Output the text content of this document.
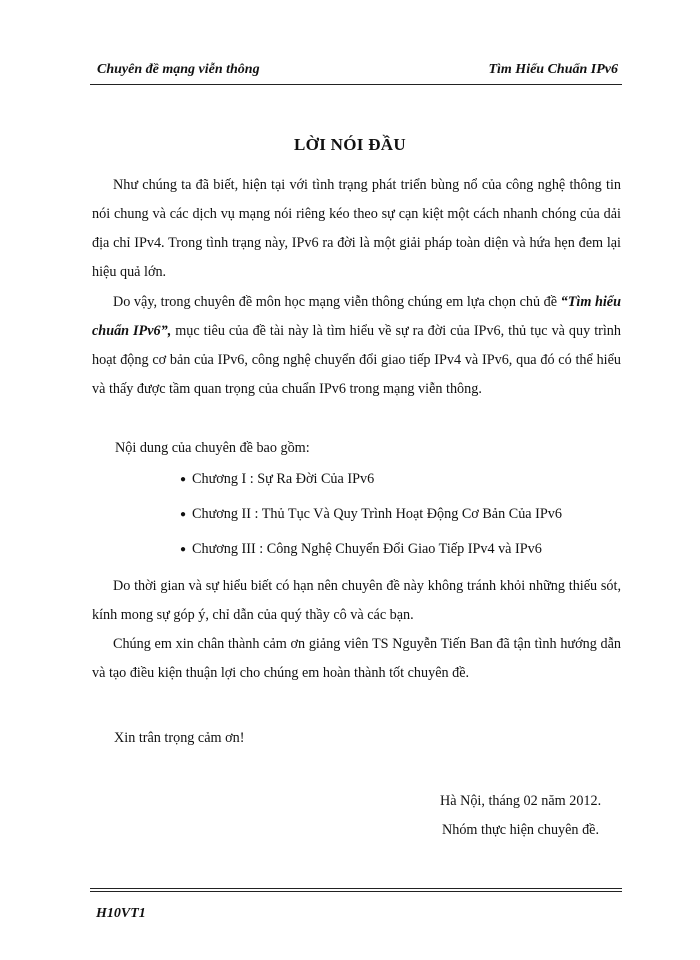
Chuyên đề mạng viễn thông	Tìm Hiểu Chuẩn IPv6
LỜI NÓI ĐẦU
Như chúng ta đã biết, hiện tại với tình trạng phát triển bùng nổ của công nghệ thông tin nói chung và các dịch vụ mạng nói riêng kéo theo sự cạn kiệt một cách nhanh chóng của dải địa chỉ IPv4. Trong tình trạng này, IPv6 ra đời là một giải pháp toàn diện và hứa hẹn đem lại hiệu quả lớn.
Do vậy, trong chuyên đề môn học mạng viễn thông chúng em lựa chọn chủ đề “Tìm hiểu chuẩn IPv6”, mục tiêu của đề tài này là tìm hiểu về sự ra đời của IPv6, thủ tục và quy trình hoạt động cơ bản của IPv6, công nghệ chuyển đổi giao tiếp IPv4 và IPv6, qua đó có thể hiểu và thấy được tầm quan trọng của chuẩn IPv6 trong mạng viễn thông.
Nội dung của chuyên đề bao gồm:
● Chương I : Sự Ra Đời Của IPv6
● Chương II : Thủ Tục Và Quy Trình Hoạt Động Cơ Bản Của IPv6
● Chương III : Công Nghệ Chuyển Đổi Giao Tiếp IPv4 và IPv6
Do thời gian và sự hiểu biết có hạn nên chuyên đề này không tránh khỏi những thiếu sót, kính mong sự góp ý, chỉ dẫn của quý thầy cô và các bạn.
Chúng em xin chân thành cảm ơn giảng viên TS Nguyễn Tiến Ban đã tận tình hướng dẫn và tạo điều kiện thuận lợi cho chúng em hoàn thành tốt chuyên đề.
Xin trân trọng cảm ơn!
Hà Nội, tháng 02 năm 2012.
Nhóm thực hiện chuyên đề.
H10VT1
